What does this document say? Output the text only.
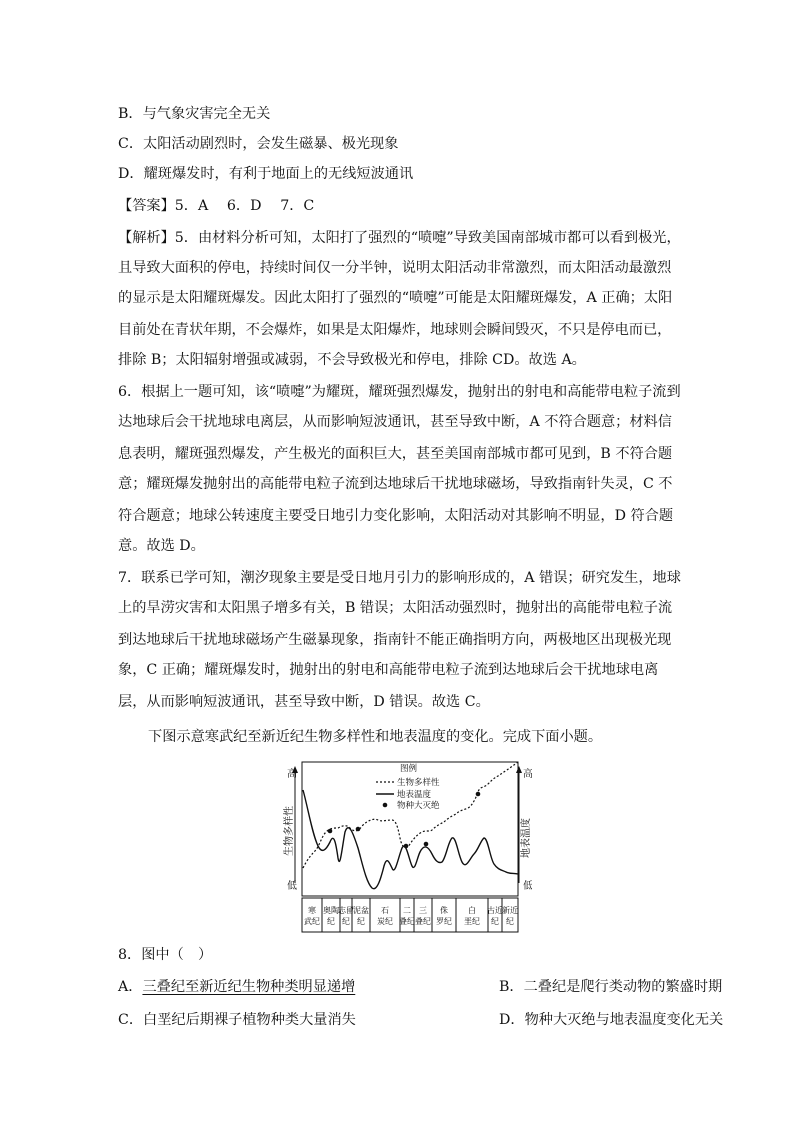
B．与气象灾害完全无关
C．太阳活动剧烈时，会发生磁暴、极光现象
D．耀斑爆发时，有利于地面上的无线短波通讯
【答案】5．A　 6．D　 7．C
【解析】5．由材料分析可知，太阳打了强烈的“喷嚏”导致美国南部城市都可以看到极光，
且导致大面积的停电，持续时间仅一分半钟，说明太阳活动非常激烈，而太阳活动最激烈
的显示是太阳耀斑爆发。因此太阳打了强烈的“喷嚏”可能是太阳耀斑爆发，A 正确；太阳
目前处在青状年期，不会爆炸，如果是太阳爆炸，地球则会瞬间毁灭，不只是停电而已，
排除 B；太阳辐射增强或减弱，不会导致极光和停电，排除 CD。故选 A。
6．根据上一题可知，该“喷嚏”为耀斑，耀斑强烈爆发，抛射出的射电和高能带电粒子流到
达地球后会干扰地球电离层，从而影响短波通讯，甚至导致中断，A 不符合题意；材料信
息表明，耀斑强烈爆发，产生极光的面积巨大，甚至美国南部城市都可见到，B 不符合题
意；耀斑爆发抛射出的高能带电粒子流到达地球后干扰地球磁场，导致指南针失灵，C 不
符合题意；地球公转速度主要受日地引力变化影响，太阳活动对其影响不明显，D 符合题
意。故选 D。
7．联系已学可知，潮汐现象主要是受日地月引力的影响形成的，A 错误；研究发生，地球
上的旱涝灾害和太阳黑子增多有关，B 错误；太阳活动强烈时，抛射出的高能带电粒子流
到达地球后干扰地球磁场产生磁暴现象，指南针不能正确指明方向，两极地区出现极光现
象，C 正确；耀斑爆发时，抛射出的射电和高能带电粒子流到达地球后会干扰地球电离
层，从而影响短波通讯，甚至导致中断，D 错误。故选 C。
下图示意寒武纪至新近纪生物多样性和地表温度的变化。完成下面小题。
高
低
生物多样性
高
低
地表温度
图例
生物多样性
地表温度
物种大灭绝
寒
武纪
奥陶
纪
志留
纪
泥盆
纪
石
炭纪
二
叠纪
三
叠纪
侏
罗纪
白
垩纪
古近
纪
新近
纪
8．图中（　）
A．三叠纪至新近纪生物种类明显递增	B．二叠纪是爬行类动物的繁盛时期
C．白垩纪后期裸子植物种类大量消失	D．物种大灭绝与地表温度变化无关
